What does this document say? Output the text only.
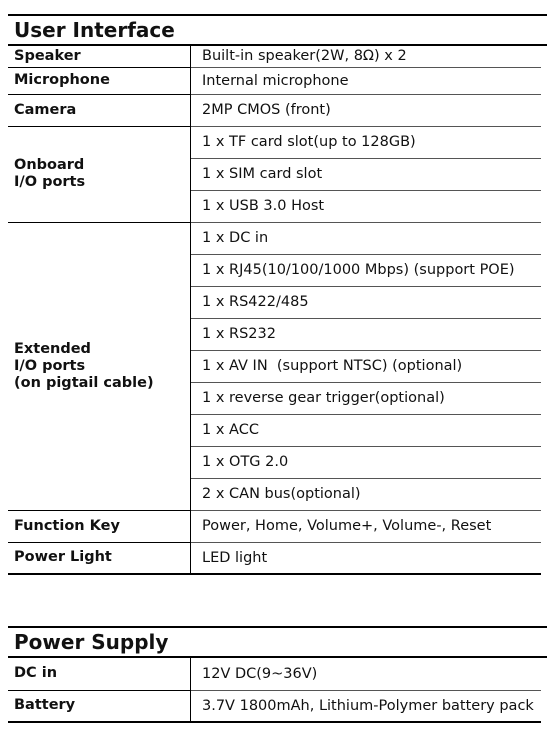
User Interface
Speaker	Built-in speaker(2W, 8Ω) x 2
Microphone	Internal microphone
Camera	2MP CMOS (front)
Onboard
I/O ports	1 x TF card slot(up to 128GB)
	1 x SIM card slot
	1 x USB 3.0 Host
Extended
I/O ports
(on pigtail cable)	1 x DC in
	1 x RJ45(10/100/1000 Mbps) (support POE)
	1 x RS422/485
	1 x RS232
	1 x AV IN  (support NTSC) (optional)
	1 x reverse gear trigger(optional)
	1 x ACC
	1 x OTG 2.0
	2 x CAN bus(optional)
Function Key	Power, Home, Volume+, Volume-, Reset
Power Light	LED light
Power Supply
DC in	12V DC(9~36V)
Battery	3.7V 1800mAh, Lithium-Polymer battery pack
